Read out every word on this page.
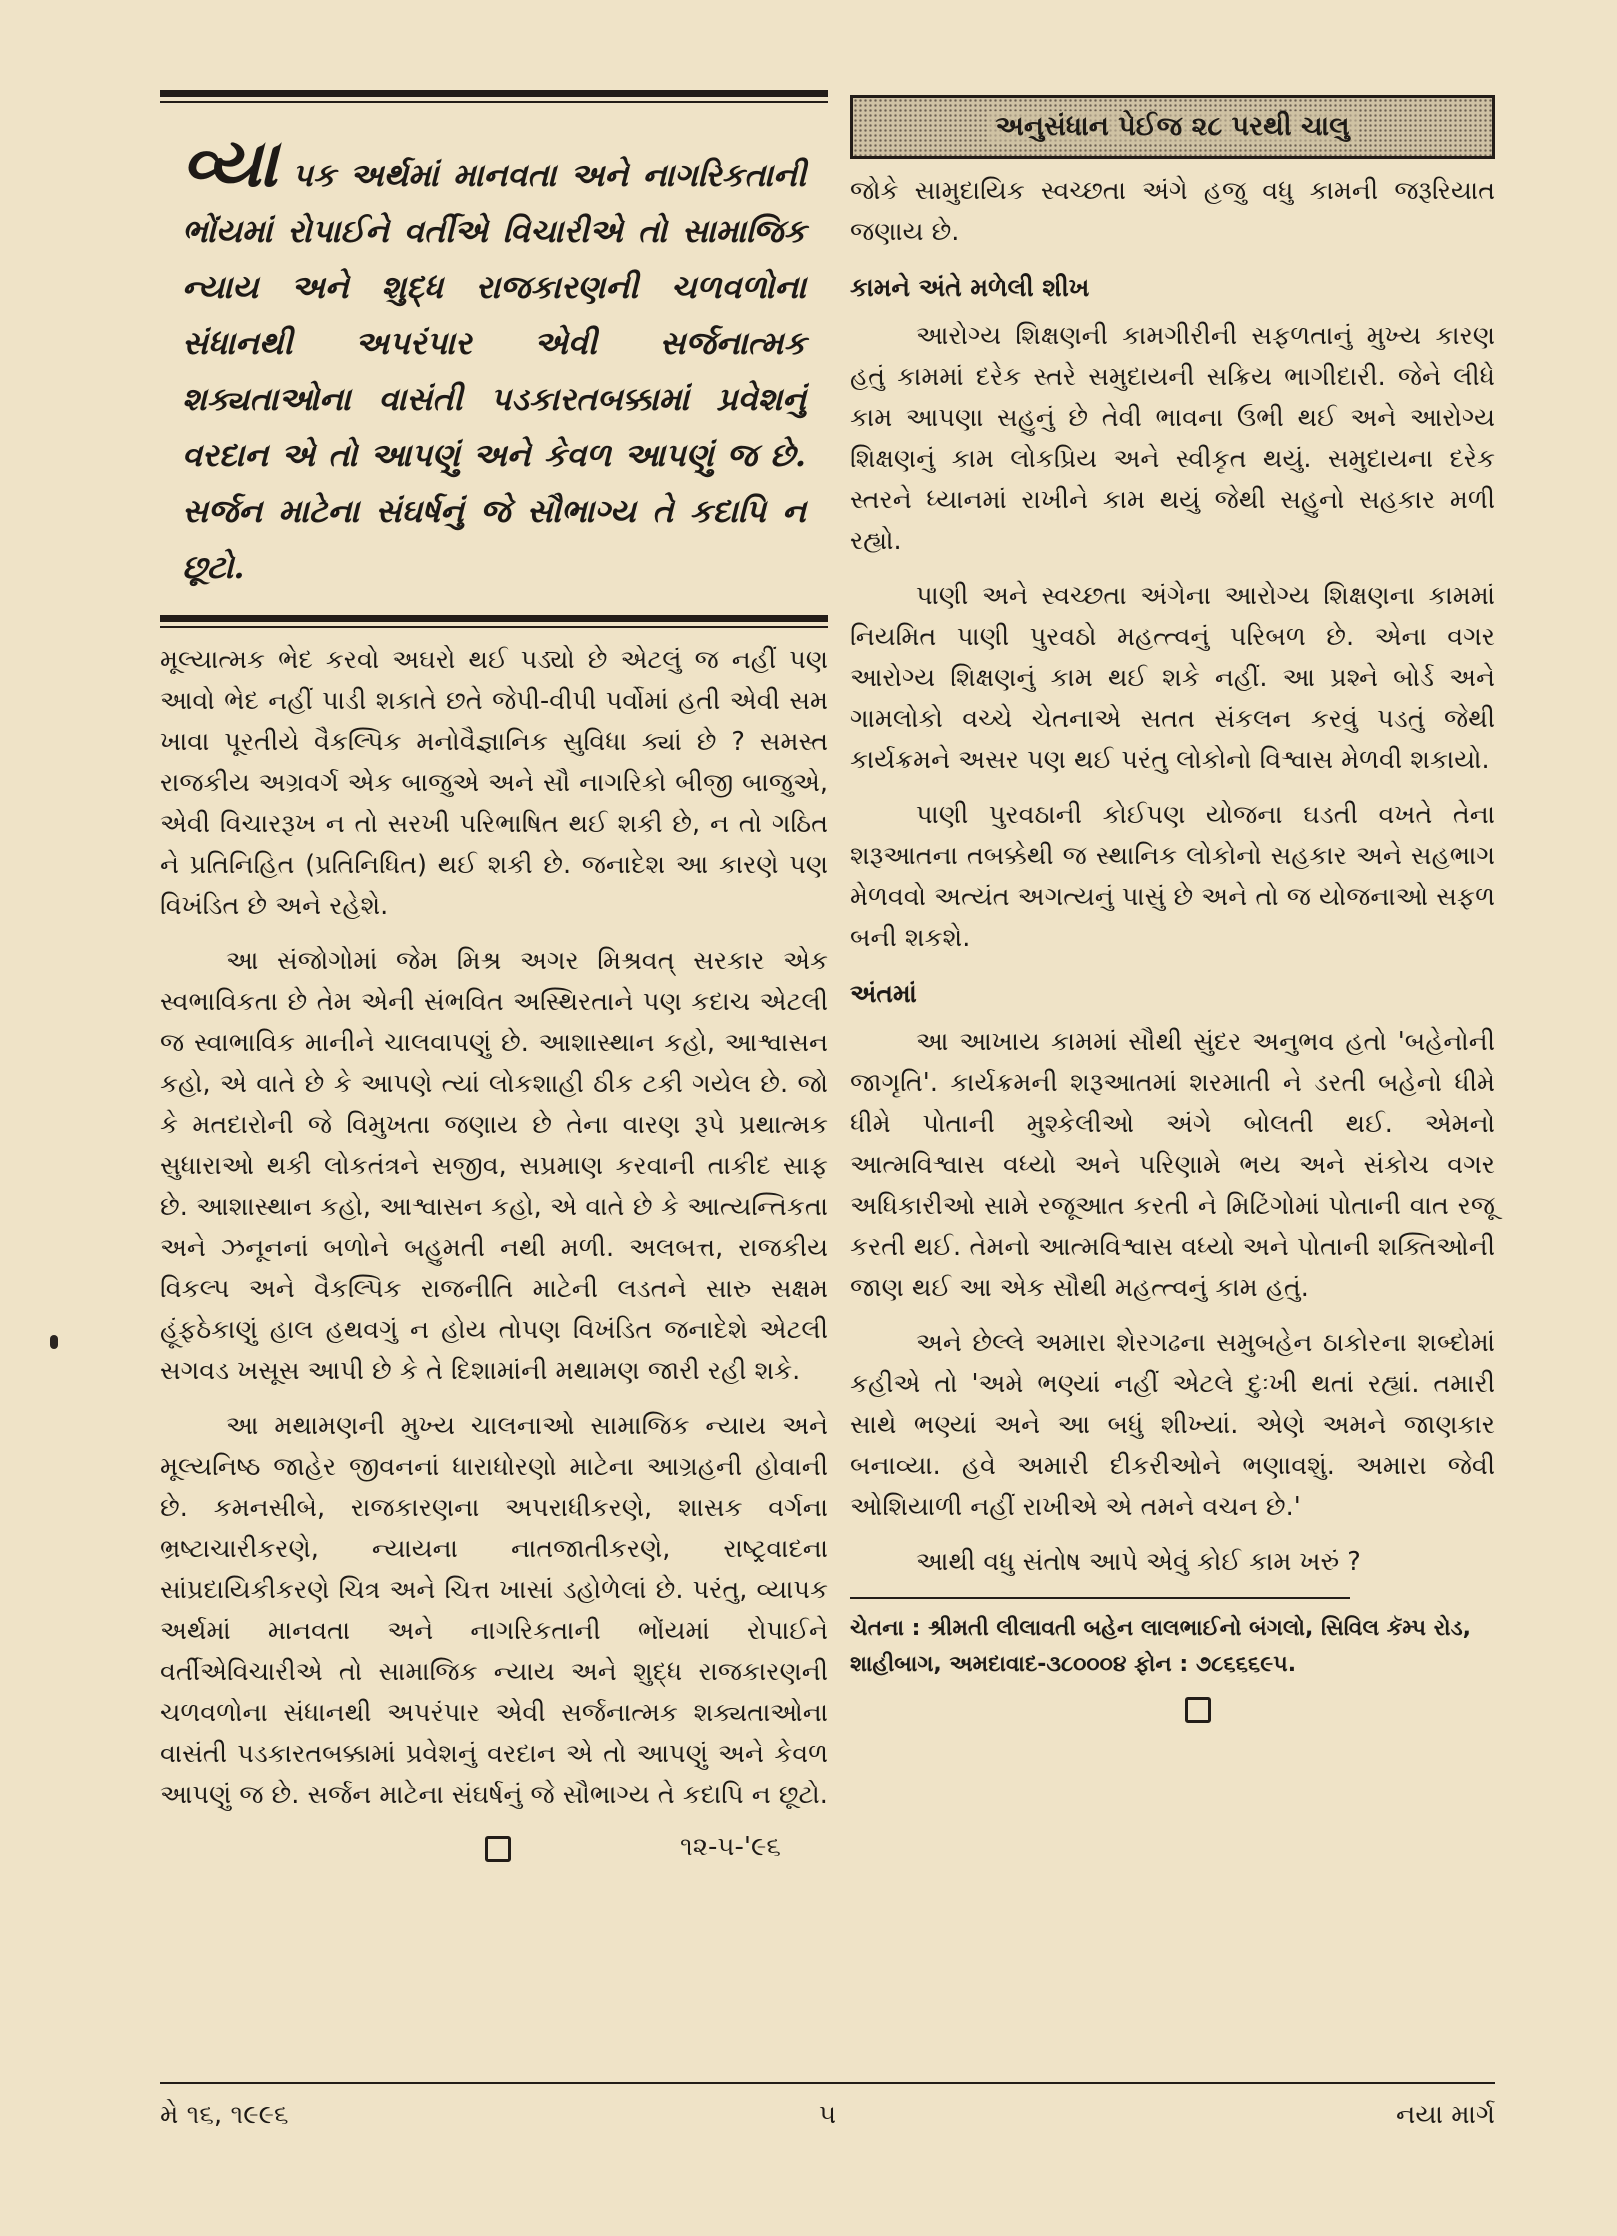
વ્યા પક અર્થમાં માનવતા અને નાગરિકતાની ભોંયમાં રોપાઈને વર્તીએ વિચારીએ તો સામાજિક ન્યાય અને શુદ્ધ રાજકારણની ચળવળોના સંધાનથી અપરંપાર એવી સર્જનાત્મક શક્યતાઓના વાસંતી પડકારતબક્કામાં પ્રવેશનું વરદાન એ તો આપણું અને કેવળ આપણું જ છે. સર્જન માટેના સંઘર્ષનું જે સૌભાગ્ય તે કદાપિ ન છૂટો.

મૂલ્યાત્મક ભેદ કરવો અઘરો થઈ પડ્યો છે એટલું જ નહીં પણ આવો ભેદ નહીં પાડી શકાતે છતે જેપી-વીપી પર્વોમાં હતી એવી સમ ખાવા પૂરતીયે વૈકલ્પિક મનોવૈજ્ઞાનિક સુવિધા ક્યાં છે ? સમસ્ત રાજકીય અગ્રવર્ગ એક બાજુએ અને સૌ નાગરિકો બીજી બાજુએ, એવી વિચારરૂખ ન તો સરખી પરિભાષિત થઈ શકી છે, ન તો ગઠિત ને પ્રતિનિહિત (પ્રતિનિધિત) થઈ શકી છે. જનાદેશ આ કારણે પણ વિખંડિત છે અને રહેશે.

આ સંજોગોમાં જેમ મિશ્ર અગર મિશ્રવત્ સરકાર એક સ્વભાવિકતા છે તેમ એની સંભવિત અસ્થિરતાને પણ કદાચ એટલી જ સ્વાભાવિક માનીને ચાલવાપણું છે. આશાસ્થાન કહો, આશ્વાસન કહો, એ વાતે છે કે આપણે ત્યાં લોકશાહી ઠીક ટકી ગયેલ છે. જો કે મતદારોની જે વિમુખતા જણાય છે તેના વારણ રૂપે પ્રથાત્મક સુધારાઓ થકી લોકતંત્રને સજીવ, સપ્રમાણ કરવાની તાકીદ સાફ છે. આશાસ્થાન કહો, આશ્વાસન કહો, એ વાતે છે કે આત્યન્તિકતા અને ઝનૂનનાં બળોને બહુમતી નથી મળી. અલબત્ત, રાજકીય વિકલ્પ અને વૈકલ્પિક રાજનીતિ માટેની લડતને સારુ સક્ષમ હૂંફઠેકાણું હાલ હથવગું ન હોય તોપણ વિખંડિત જનાદેશે એટલી સગવડ ખસૂસ આપી છે કે તે દિશામાંની મથામણ જારી રહી શકે.

આ મથામણની મુખ્ય ચાલનાઓ સામાજિક ન્યાય અને મૂલ્યનિષ્ઠ જાહેર જીવનનાં ધારાધોરણો માટેના આગ્રહની હોવાની છે. કમનસીબે, રાજકારણના અપરાધીકરણે, શાસક વર્ગના ભ્રષ્ટાચારીકરણે, ન્યાયના નાતજાતીકરણે, રાષ્ટ્રવાદના સાંપ્રદાયિકીકરણે ચિત્ર અને ચિત્ત ખાસાં ડહોળેલાં છે. પરંતુ, વ્યાપક અર્થમાં માનવતા અને નાગરિકતાની ભોંયમાં રોપાઈને વર્તીએવિચારીએ તો સામાજિક ન્યાય અને શુદ્ધ રાજકારણની ચળવળોના સંધાનથી અપરંપાર એવી સર્જનાત્મક શક્યતાઓના વાસંતી પડકારતબક્કામાં પ્રવેશનું વરદાન એ તો આપણું અને કેવળ આપણું જ છે. સર્જન માટેના સંઘર્ષનું જે સૌભાગ્ય તે કદાપિ ન છૂટો.

૧૨-૫-'૯૬
અનુસંધાન પેઈજ ૨૮ પરથી ચાલુ

જોકે સામુદાયિક સ્વચ્છતા અંગે હજુ વધુ કામની જરૂરિયાત જણાય છે.

કામને અંતે મળેલી શીખ

આરોગ્ય શિક્ષણની કામગીરીની સફળતાનું મુખ્ય કારણ હતું કામમાં દરેક સ્તરે સમુદાયની સક્રિય ભાગીદારી. જેને લીધે કામ આપણા સહુનું છે તેવી ભાવના ઉભી થઈ અને આરોગ્ય શિક્ષણનું કામ લોકપ્રિય અને સ્વીકૃત થયું. સમુદાયના દરેક સ્તરને ધ્યાનમાં રાખીને કામ થયું જેથી સહુનો સહકાર મળી રહ્યો.

પાણી અને સ્વચ્છતા અંગેના આરોગ્ય શિક્ષણના કામમાં નિયમિત પાણી પુરવઠો મહત્ત્વનું પરિબળ છે. એના વગર આરોગ્ય શિક્ષણનું કામ થઈ શકે નહીં. આ પ્રશ્ને બોર્ડ અને ગામલોકો વચ્ચે ચેતનાએ સતત સંકલન કરવું પડતું જેથી કાર્યક્રમને અસર પણ થઈ પરંતુ લોકોનો વિશ્વાસ મેળવી શકાયો.

પાણી પુરવઠાની કોઈપણ યોજના ઘડતી વખતે તેના શરૂઆતના તબક્કેથી જ સ્થાનિક લોકોનો સહકાર અને સહભાગ મેળવવો અત્યંત અગત્યનું પાસું છે અને તો જ યોજનાઓ સફળ બની શકશે.

અંતમાં

આ આખાય કામમાં સૌથી સુંદર અનુભવ હતો 'બહેનોની જાગૃતિ'. કાર્યક્રમની શરૂઆતમાં શરમાતી ને ડરતી બહેનો ધીમે ધીમે પોતાની મુશ્કેલીઓ અંગે બોલતી થઈ. એમનો આત્મવિશ્વાસ વધ્યો અને પરિણામે ભય અને સંકોચ વગર અધિકારીઓ સામે રજૂઆત કરતી ને મિટિંગોમાં પોતાની વાત રજૂ કરતી થઈ. તેમનો આત્મવિશ્વાસ વધ્યો અને પોતાની શક્તિઓની જાણ થઈ આ એક સૌથી મહત્ત્વનું કામ હતું.

અને છેલ્લે અમારા શેરગઢના સમુબહેન ઠાકોરના શબ્દોમાં કહીએ તો 'અમે ભણ્યાં નહીં એટલે દુઃખી થતાં રહ્યાં. તમારી સાથે ભણ્યાં અને આ બધું શીખ્યાં. એણે અમને જાણકાર બનાવ્યા. હવે અમારી દીકરીઓને ભણાવશું. અમારા જેવી ઓશિયાળી નહીં રાખીએ એ તમને વચન છે.'

આથી વધુ સંતોષ આપે એવું કોઈ કામ ખરું ?

ચેતના : શ્રીમતી લીલાવતી બહેન લાલભાઈનો બંગલો, સિવિલ કૅમ્પ રોડ, શાહીબાગ, અમદાવાદ-૩૮૦૦૦૪ ફોન : ૭૮૬૬૬૯૫.
મે ૧૬, ૧૯૯૬	૫	નયા માર્ગ
